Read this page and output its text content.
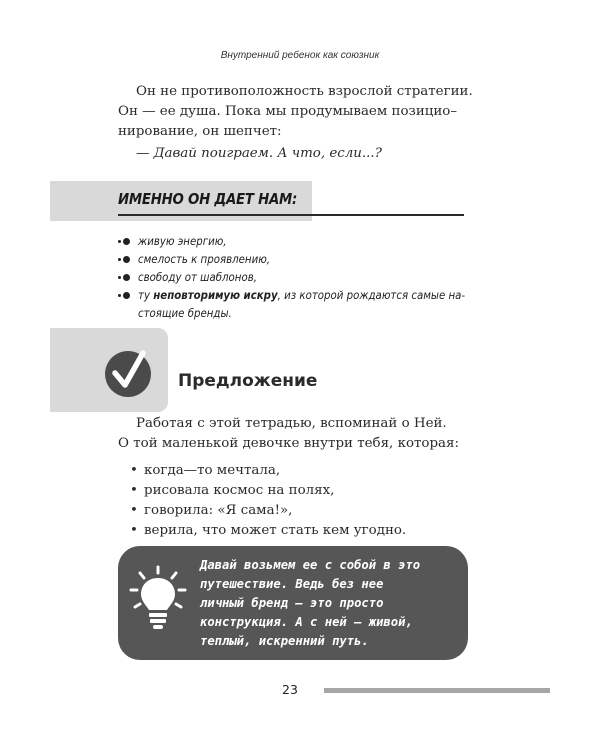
Внутренний ребенок как союзник
Он не противоположность взрослой стратегии.
Он — ее душа. Пока мы продумываем позицио–
нирование, он шепчет:
— Давай поиграем. А что, если...?
ИМЕННО ОН ДАЕТ НАМ:
живую энергию,
смелость к проявлению,
свободу от шаблонов,
ту неповторимую искру, из которой рождаются самые на-
стоящие бренды.
Предложение
Работая с этой тетрадью, вспоминай о Ней.
О той маленькой девочке внутри тебя, которая:
• когда—то мечтала,
• рисовала космос на полях,
• говорила: «Я сама!»,
• верила, что может стать кем угодно.
Давай возьмем ее с собой в это
путешествие. Ведь без нее
личный бренд — это просто
конструкция. А с ней — живой,
теплый, искренний путь.
23
